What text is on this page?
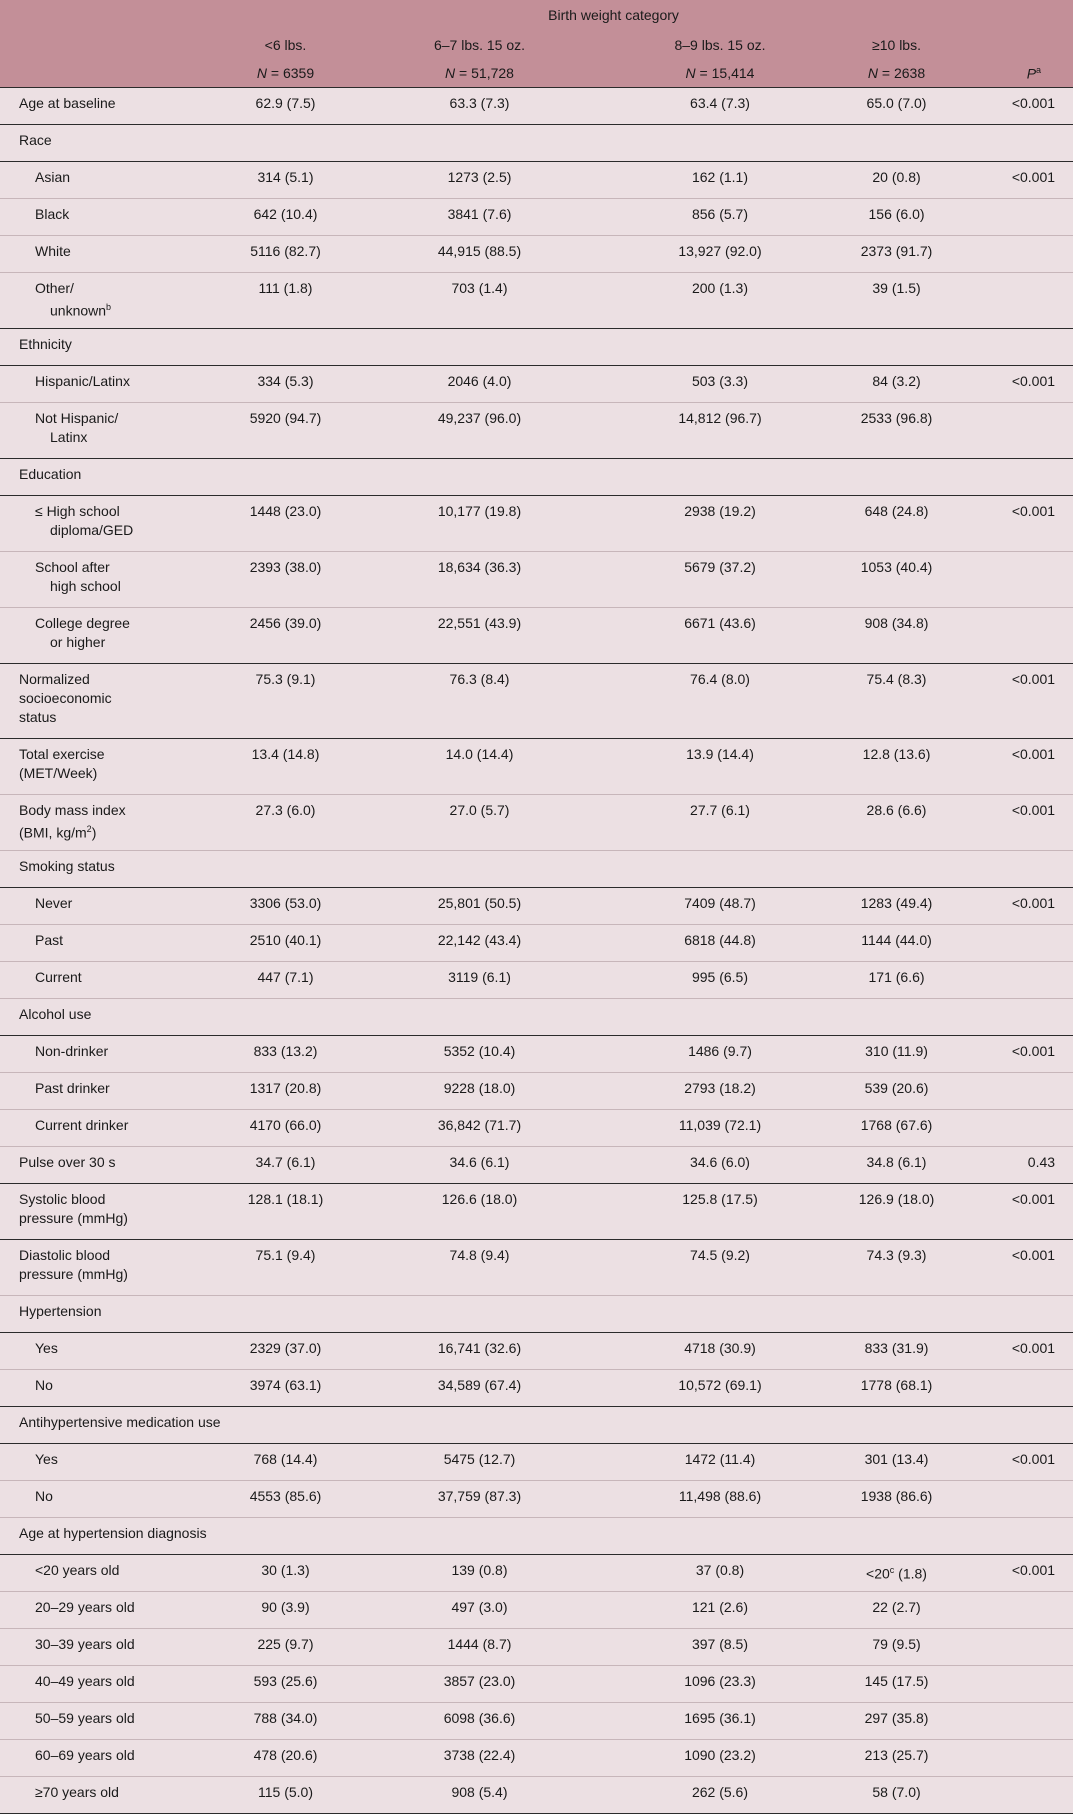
	Birth weight category				
	<6 lbs.	6–7 lbs. 15 oz.	8–9 lbs. 15 oz.	≥10 lbs.	
	N = 6359	N = 51,728	N = 15,414	N = 2638	$P^a$
Age at baseline	62.9 (7.5)	63.3 (7.3)	63.4 (7.3)	65.0 (7.0)	<0.001
Race					
Asian	314 (5.1)	1273 (2.5)	162 (1.1)	20 (0.8)	<0.001
Black	642 (10.4)	3841 (7.6)	856 (5.7)	156 (6.0)	
White	5116 (82.7)	44,915 (88.5)	13,927 (92.0)	2373 (91.7)	
Other/
unknown$^b$	111 (1.8)	703 (1.4)	200 (1.3)	39 (1.5)	
Ethnicity					
Hispanic/Latinx	334 (5.3)	2046 (4.0)	503 (3.3)	84 (3.2)	<0.001
Not Hispanic/
Latinx	5920 (94.7)	49,237 (96.0)	14,812 (96.7)	2533 (96.8)	
Education					
≤ High school
diploma/GED	1448 (23.0)	10,177 (19.8)	2938 (19.2)	648 (24.8)	<0.001
School after
high school	2393 (38.0)	18,634 (36.3)	5679 (37.2)	1053 (40.4)	
College degree
or higher	2456 (39.0)	22,551 (43.9)	6671 (43.6)	908 (34.8)	
Normalized
socioeconomic
status	75.3 (9.1)	76.3 (8.4)	76.4 (8.0)	75.4 (8.3)	<0.001
Total exercise
(MET/Week)	13.4 (14.8)	14.0 (14.4)	13.9 (14.4)	12.8 (13.6)	<0.001
Body mass index
(BMI, $kg/m^2$)	27.3 (6.0)	27.0 (5.7)	27.7 (6.1)	28.6 (6.6)	<0.001
Smoking status					
Never	3306 (53.0)	25,801 (50.5)	7409 (48.7)	1283 (49.4)	<0.001
Past	2510 (40.1)	22,142 (43.4)	6818 (44.8)	1144 (44.0)	
Current	447 (7.1)	3119 (6.1)	995 (6.5)	171 (6.6)	
Alcohol use					
Non-drinker	833 (13.2)	5352 (10.4)	1486 (9.7)	310 (11.9)	<0.001
Past drinker	1317 (20.8)	9228 (18.0)	2793 (18.2)	539 (20.6)	
Current drinker	4170 (66.0)	36,842 (71.7)	11,039 (72.1)	1768 (67.6)	
Pulse over 30 s	34.7 (6.1)	34.6 (6.1)	34.6 (6.0)	34.8 (6.1)	0.43
Systolic blood
pressure (mmHg)	128.1 (18.1)	126.6 (18.0)	125.8 (17.5)	126.9 (18.0)	<0.001
Diastolic blood
pressure (mmHg)	75.1 (9.4)	74.8 (9.4)	74.5 (9.2)	74.3 (9.3)	<0.001
Hypertension					
Yes	2329 (37.0)	16,741 (32.6)	4718 (30.9)	833 (31.9)	<0.001
No	3974 (63.1)	34,589 (67.4)	10,572 (69.1)	1778 (68.1)	
Antihypertensive medication use					
Yes	768 (14.4)	5475 (12.7)	1472 (11.4)	301 (13.4)	<0.001
No	4553 (85.6)	37,759 (87.3)	11,498 (88.6)	1938 (86.6)	
Age at hypertension diagnosis					
<20 years old	30 (1.3)	139 (0.8)	37 (0.8)	$<20^c$ (1.8)	<0.001
20–29 years old	90 (3.9)	497 (3.0)	121 (2.6)	22 (2.7)	
30–39 years old	225 (9.7)	1444 (8.7)	397 (8.5)	79 (9.5)	
40–49 years old	593 (25.6)	3857 (23.0)	1096 (23.3)	145 (17.5)	
50–59 years old	788 (34.0)	6098 (36.6)	1695 (36.1)	297 (35.8)	
60–69 years old	478 (20.6)	3738 (22.4)	1090 (23.2)	213 (25.7)	
≥70 years old	115 (5.0)	908 (5.4)	262 (5.6)	58 (7.0)	
